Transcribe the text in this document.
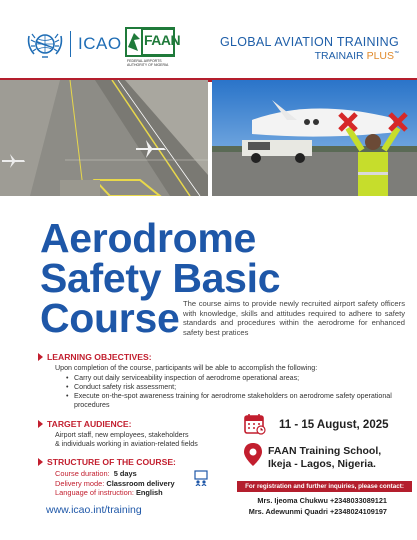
ICAO FAAN
FEDERAL AIRPORTS AUTHORITY OF NIGERIA
GLOBAL AVIATION TRAINING
TRAINAIR PLUS™
Aerodrome
Safety Basic
Course The course aims to provide newly recruited airport safety officers with knowledge, skills and attitudes required to adhere to safety standards and procedures within the aerodrome for enhanced safety best pratices
LEARNING OBJECTIVES:
Upon completion of the course, participants will be able to accomplish the following:
• Carry out daily serviceability inspection of aerodrome operational areas;
• Conduct safety risk assessment;
• Execute on-the-spot awareness training for aerodrome stakeholders on aerodrome safety operational procedures
TARGET AUDIENCE:
Airport staff, new employees, stakeholders
& individuals working in aviation-related fields
STRUCTURE OF THE COURSE:
Course duration: 5 days
Delivery mode: Classroom delivery
Language of instruction: English
www.icao.int/training
11 - 15 August, 2025
FAAN Training School,
Ikeja - Lagos, Nigeria.
For registration and further inquiries, please contact:
Mrs. Ijeoma Chukwu +2348033089121
Mrs. Adewunmi Quadri +2348024109197
